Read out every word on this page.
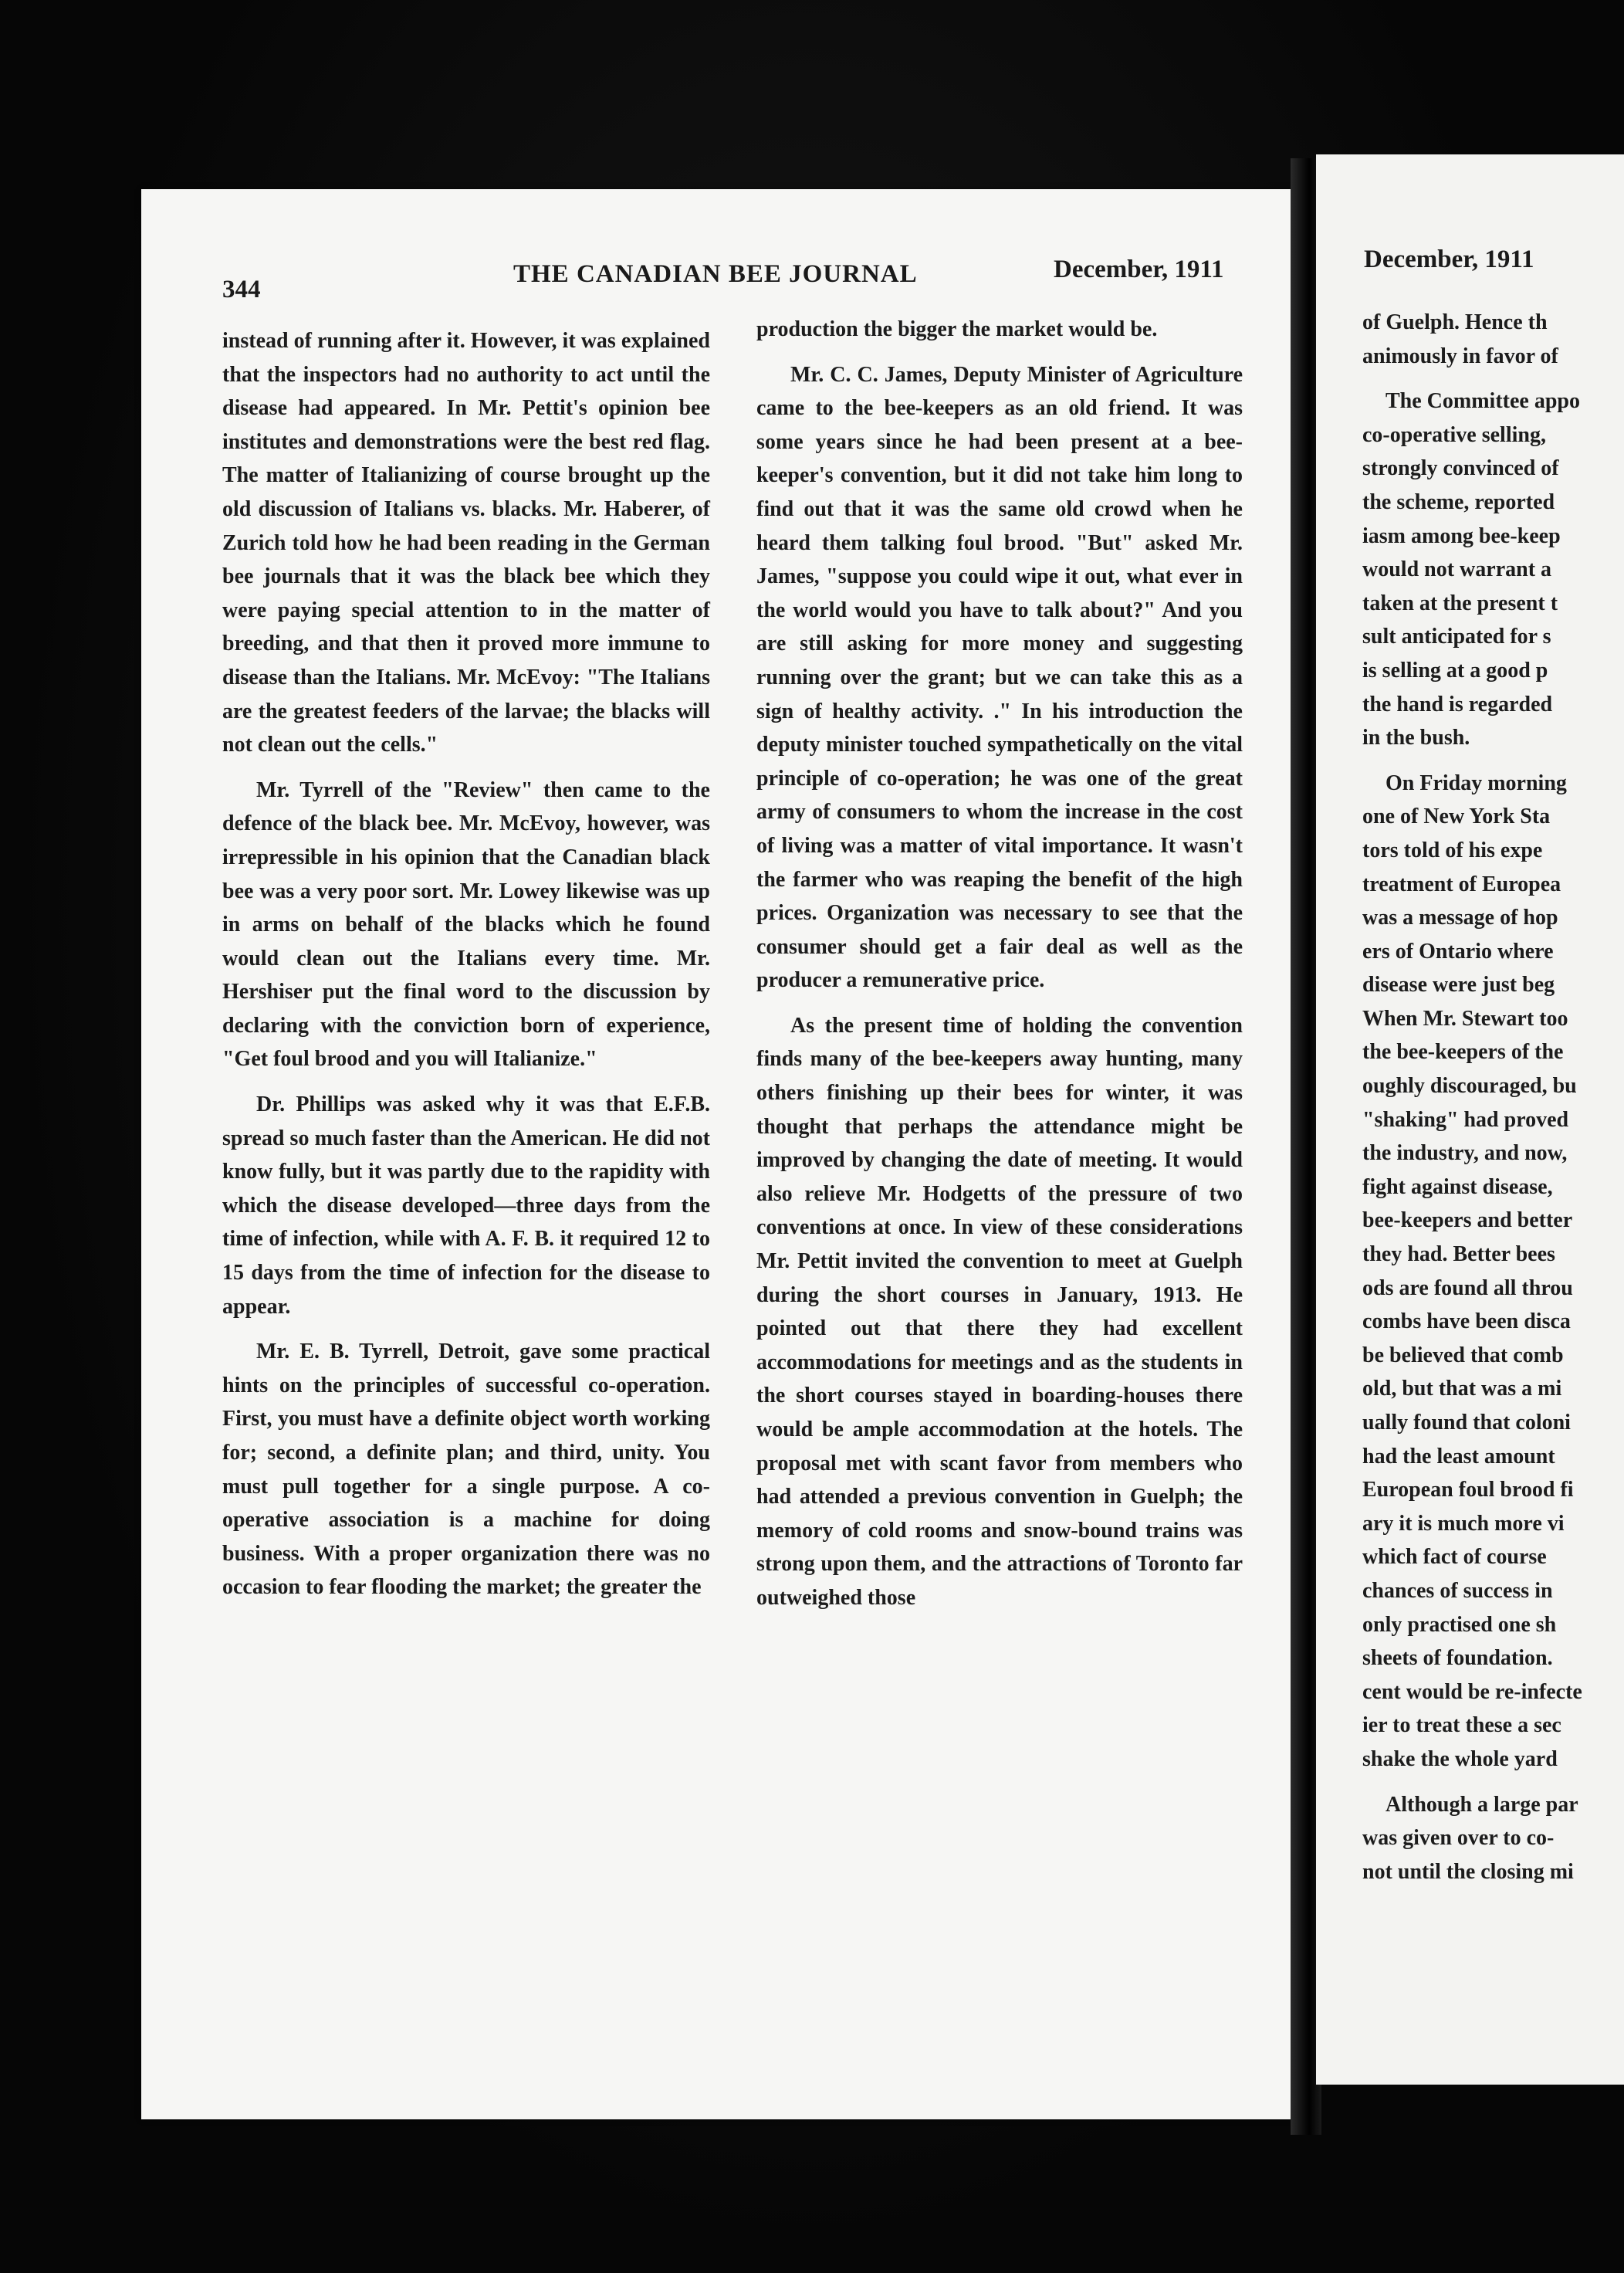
344
THE CANADIAN BEE JOURNAL	December, 1911

instead of running after it. However, it was explained that the inspectors had no authority to act until the disease had appeared. In Mr. Pettit's opinion bee institutes and demonstrations were the best red flag. The matter of Italianizing of course brought up the old discussion of Italians vs. blacks. Mr. Haberer, of Zurich told how he had been reading in the German bee journals that it was the black bee which they were paying special attention to in the matter of breeding, and that then it proved more immune to disease than the Italians. Mr. McEvoy: "The Italians are the greatest feeders of the larvae; the blacks will not clean out the cells."

Mr. Tyrrell of the "Review" then came to the defence of the black bee. Mr. McEvoy, however, was irrepressible in his opinion that the Canadian black bee was a very poor sort. Mr. Lowey likewise was up in arms on behalf of the blacks which he found would clean out the Italians every time. Mr. Hershiser put the final word to the discussion by declaring with the conviction born of experience, "Get foul brood and you will Italianize."

Dr. Phillips was asked why it was that E.F.B. spread so much faster than the American. He did not know fully, but it was partly due to the rapidity with which the disease developed—three days from the time of infection, while with A. F. B. it required 12 to 15 days from the time of infection for the disease to appear.

Mr. E. B. Tyrrell, Detroit, gave some practical hints on the principles of successful co-operation. First, you must have a definite object worth working for; second, a definite plan; and third, unity. You must pull together for a single purpose. A co-operative association is a machine for doing business. With a proper organization there was no occasion to fear flooding the market; the greater the

production the bigger the market would be.

Mr. C. C. James, Deputy Minister of Agriculture came to the bee-keepers as an old friend. It was some years since he had been present at a bee-keeper's convention, but it did not take him long to find out that it was the same old crowd when he heard them talking foul brood. "But" asked Mr. James, "suppose you could wipe it out, what ever in the world would you have to talk about?" And you are still asking for more money and suggesting running over the grant; but we can take this as a sign of healthy activity. ." In his introduction the deputy minister touched sympathetically on the vital principle of co-operation; he was one of the great army of consumers to whom the increase in the cost of living was a matter of vital importance. It wasn't the farmer who was reaping the benefit of the high prices. Organization was necessary to see that the consumer should get a fair deal as well as the producer a remunerative price.

As the present time of holding the convention finds many of the bee-keepers away hunting, many others finishing up their bees for winter, it was thought that perhaps the attendance might be improved by changing the date of meeting. It would also relieve Mr. Hodgetts of the pressure of two conventions at once. In view of these considerations Mr. Pettit invited the convention to meet at Guelph during the short courses in January, 1913. He pointed out that there they had excellent accommodations for meetings and as the students in the short courses stayed in boarding-houses there would be ample accommodation at the hotels. The proposal met with scant favor from members who had attended a previous convention in Guelph; the memory of cold rooms and snow-bound trains was strong upon them, and the attractions of Toronto far outweighed those

December, 1911

of Guelph. Hence th
animously in favor of

The Committee appo
co-operative selling,
strongly convinced of
the scheme, reported
iasm among bee-keep
would not warrant a
taken at the present t
sult anticipated for s
is selling at a good p
the hand is regarded
in the bush.

On Friday morning
one of New York Sta
tors told of his expe
treatment of Europea
was a message of hop
ers of Ontario where
disease were just beg
When Mr. Stewart too
the bee-keepers of the
oughly discouraged, bu
"shaking" had proved
the industry, and now,
fight against disease,
bee-keepers and better
they had. Better bees
ods are found all throu
combs have been disca
be believed that comb
old, but that was a mi
ually found that coloni
had the least amount
European foul brood fi
ary it is much more vi
which fact of course
chances of success in
only practised one sh
sheets of foundation.
cent would be re-infecte
ier to treat these a sec
shake the whole yard

Although a large par
was given over to co-
not until the closing mi
